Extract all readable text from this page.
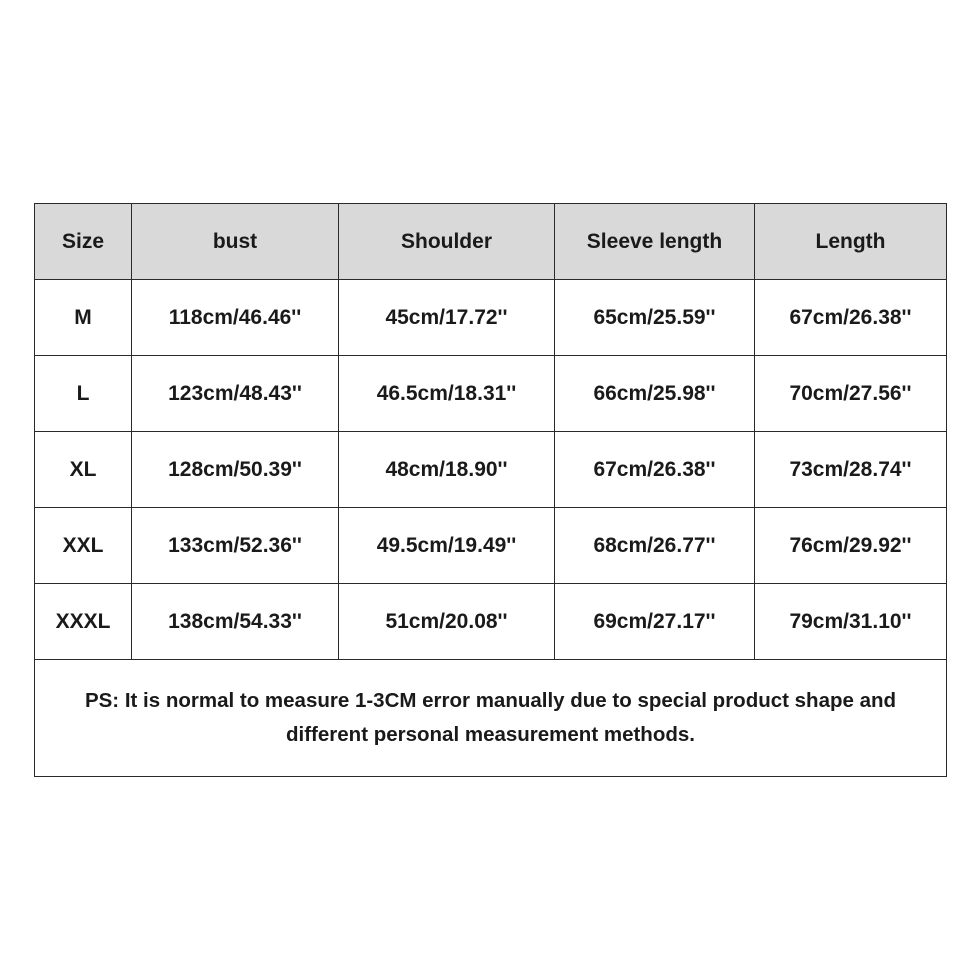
Size	bust	Shoulder	Sleeve length	Length
M	118cm/46.46''	45cm/17.72''	65cm/25.59''	67cm/26.38''
L	123cm/48.43''	46.5cm/18.31''	66cm/25.98''	70cm/27.56''
XL	128cm/50.39''	48cm/18.90''	67cm/26.38''	73cm/28.74''
XXL	133cm/52.36''	49.5cm/19.49''	68cm/26.77''	76cm/29.92''
XXXL	138cm/54.33''	51cm/20.08''	69cm/27.17''	79cm/31.10''
PS: It is normal to measure 1-3CM error manually due to special product shape and different personal measurement methods.				
